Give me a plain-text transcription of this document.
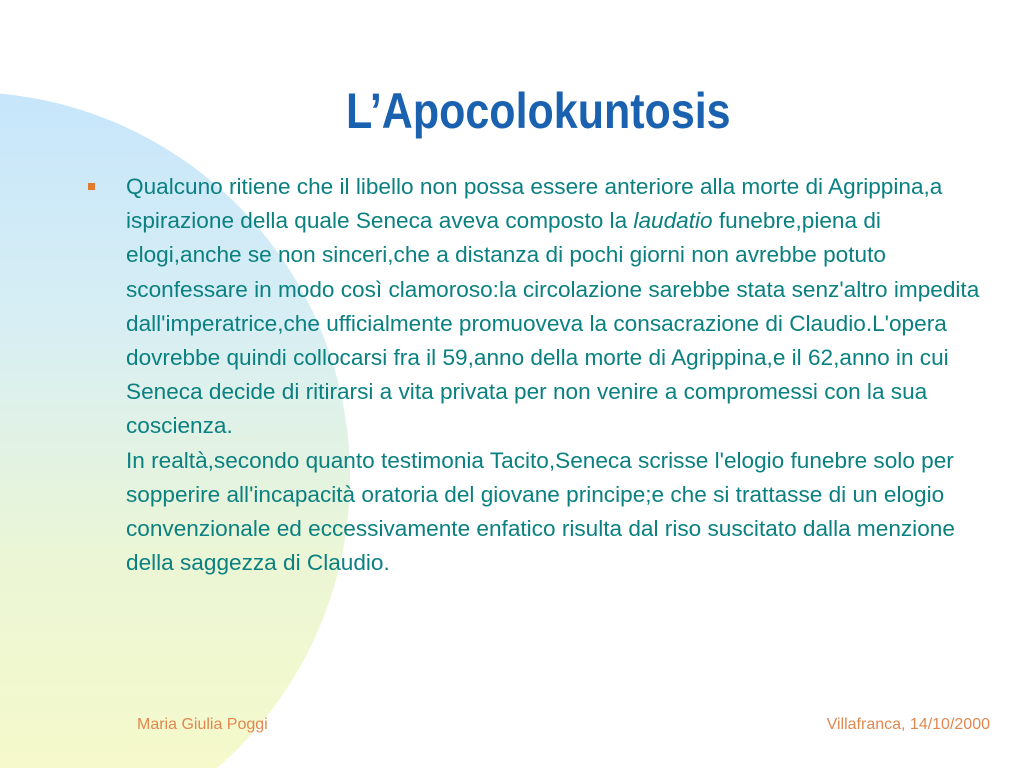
L’Apocolokuntosis

Qualcuno ritiene che il libello non possa essere anteriore alla morte di Agrippina,a ispirazione della quale Seneca aveva composto la laudatio funebre,piena di elogi,anche se non sinceri,che a distanza di pochi giorni non avrebbe potuto sconfessare in modo così clamoroso:la circolazione sarebbe stata senz'altro impedita dall'imperatrice,che ufficialmente promuoveva la consacrazione di Claudio.L'opera dovrebbe quindi collocarsi fra il 59,anno della morte di Agrippina,e il 62,anno in cui Seneca decide di ritirarsi a vita privata per non venire a compromessi con la sua coscienza.

In realtà,secondo quanto testimonia Tacito,Seneca scrisse l'elogio funebre solo per sopperire all'incapacità oratoria del giovane principe;e che si trattasse di un elogio convenzionale ed eccessivamente enfatico risulta dal riso suscitato dalla menzione della saggezza di Claudio.

Maria Giulia Poggi	Villafranca, 14/10/2000
